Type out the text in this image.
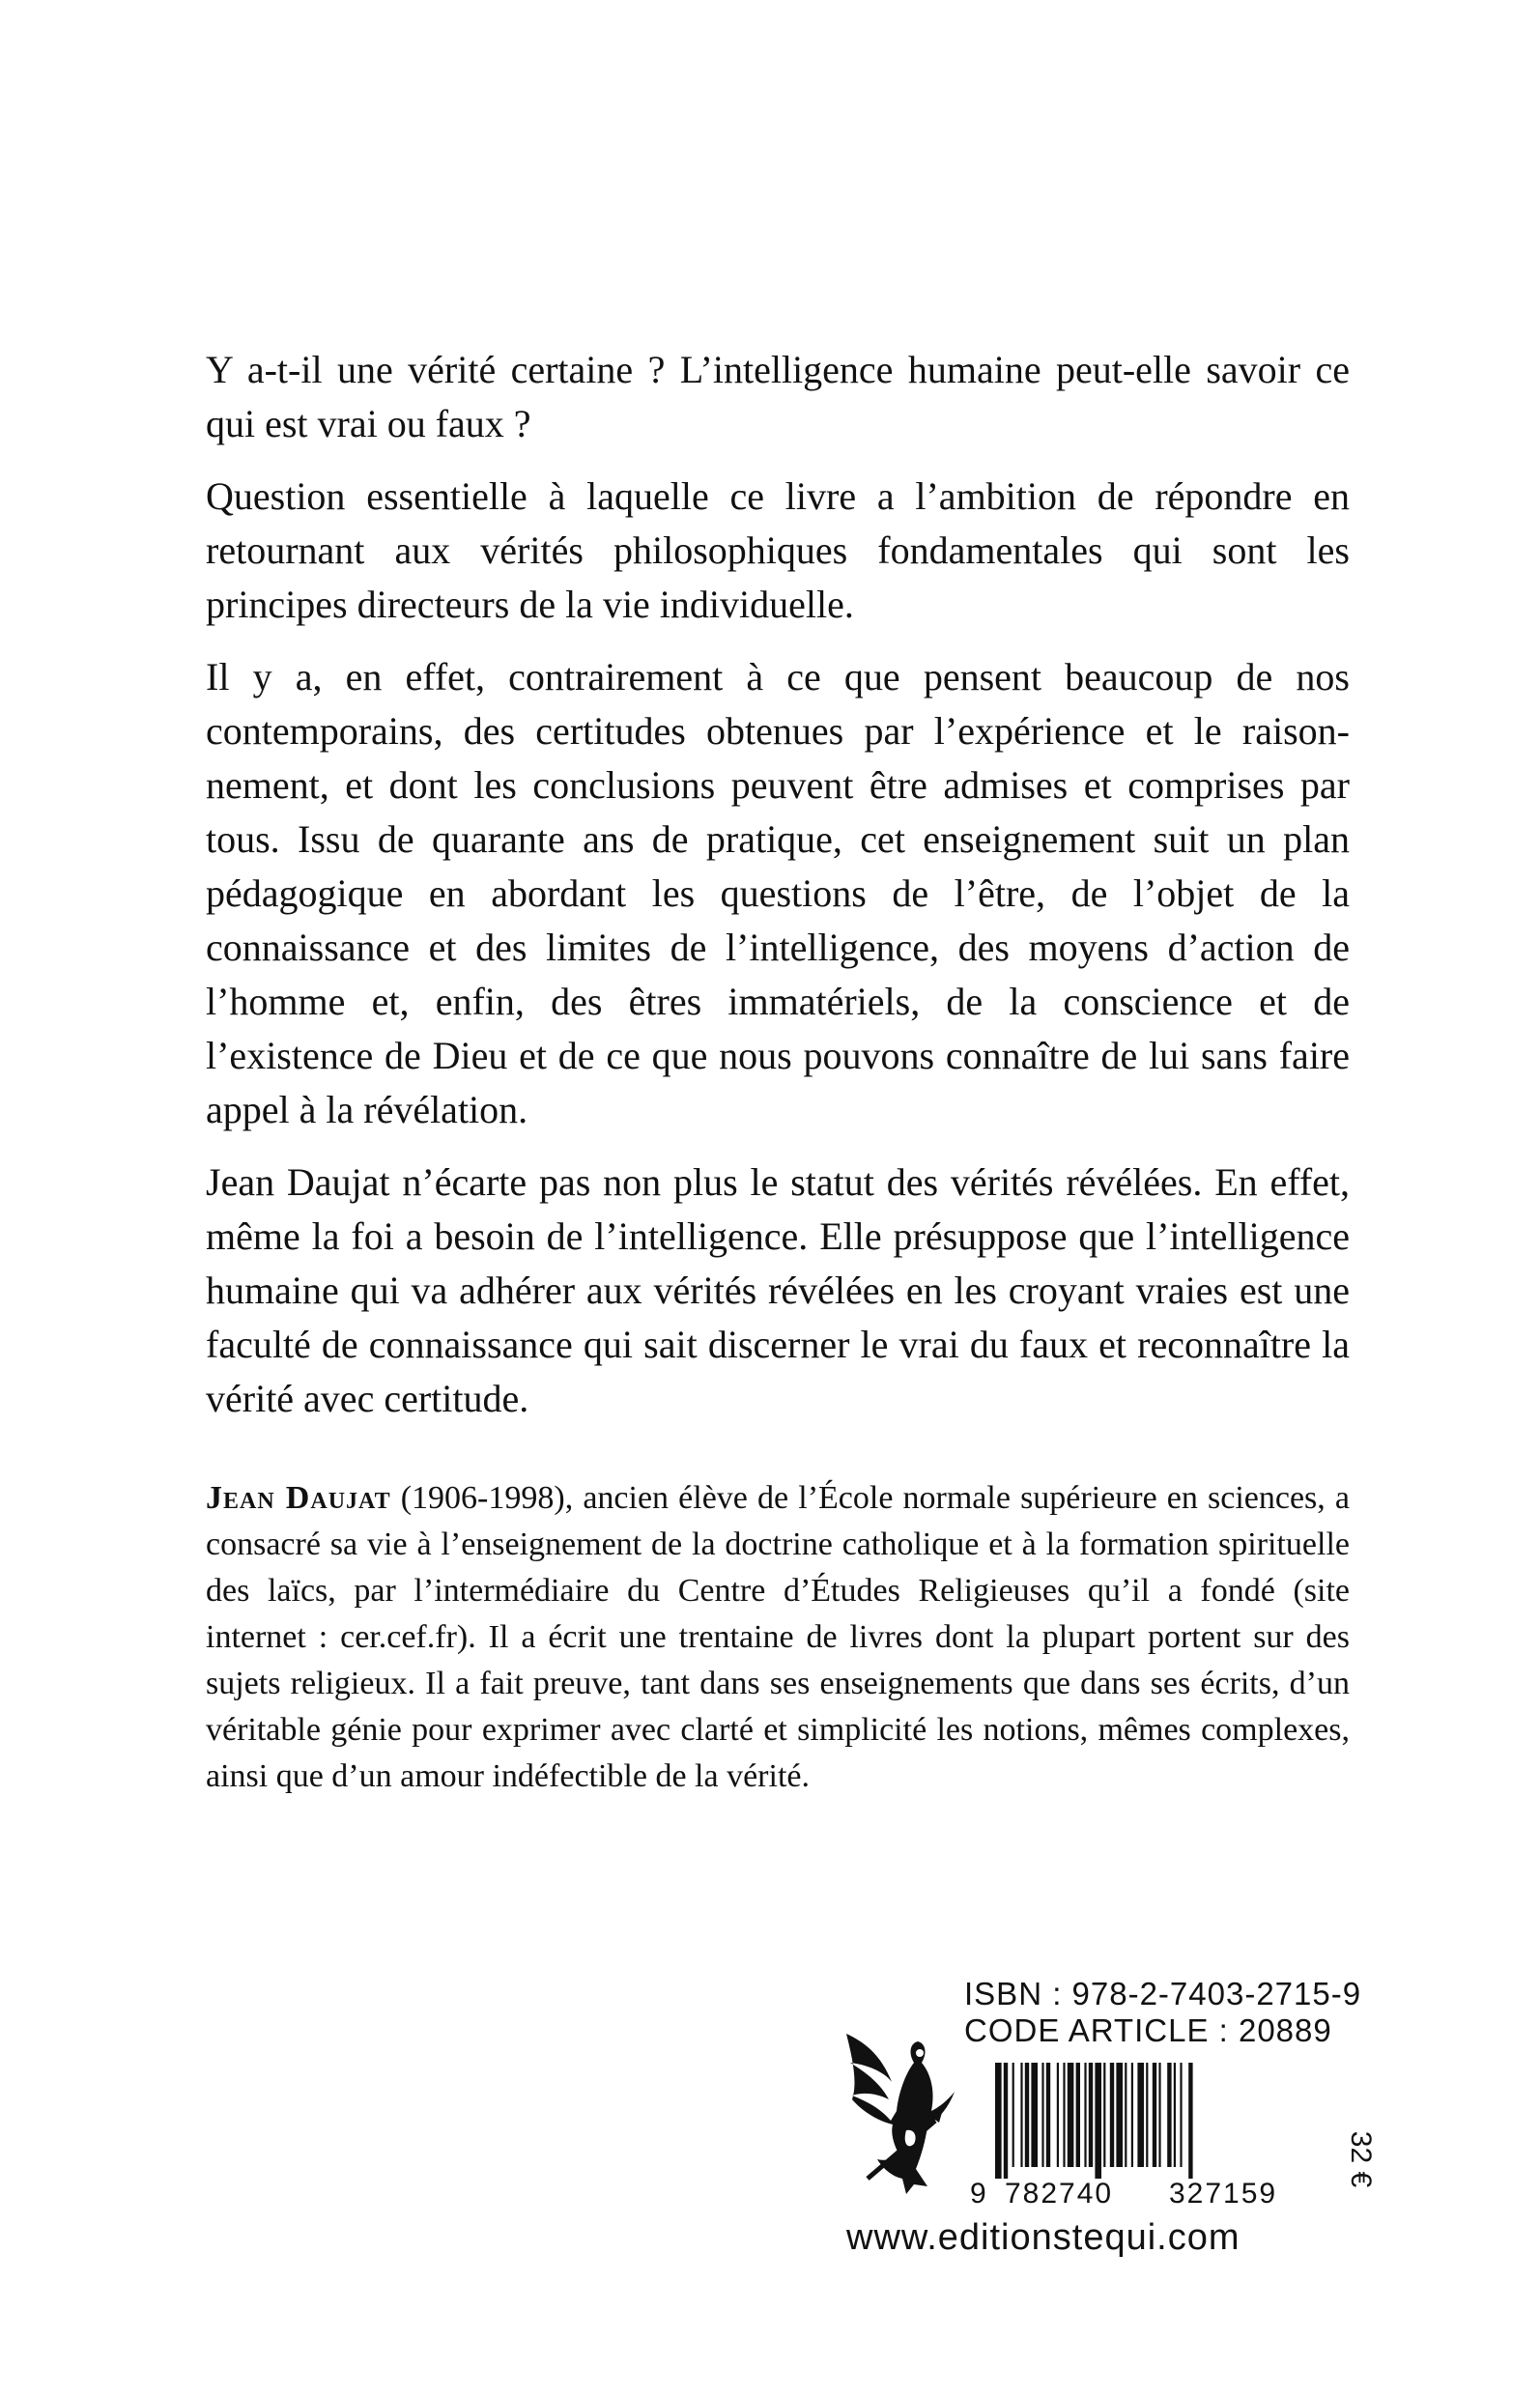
Y a-t-il une vérité certaine ? L’intelligence humaine peut-elle savoir ce qui est vrai ou faux ?

Question essentielle à laquelle ce livre a l’ambition de répondre en retournant aux vérités philosophiques fondamentales qui sont les principes directeurs de la vie individuelle.

Il y a, en effet, contrairement à ce que pensent beaucoup de nos contemporains, des certitudes obtenues par l’expérience et le raisonnement, et dont les conclusions peuvent être admises et comprises par tous. Issu de quarante ans de pratique, cet enseignement suit un plan pédagogique en abordant les questions de l’être, de l’objet de la connaissance et des limites de l’intelligence, des moyens d’action de l’homme et, enfin, des êtres immatériels, de la conscience et de l’existence de Dieu et de ce que nous pouvons connaître de lui sans faire appel à la révélation.

Jean Daujat n’écarte pas non plus le statut des vérités révélées. En effet, même la foi a besoin de l’intelligence. Elle présuppose que l’intelligence humaine qui va adhérer aux vérités révélées en les croyant vraies est une faculté de connaissance qui sait discerner le vrai du faux et reconnaître la vérité avec certitude.

Jean Daujat (1906-1998), ancien élève de l’École normale supérieure en sciences, a consacré sa vie à l’enseignement de la doctrine catholique et à la formation spirituelle des laïcs, par l’intermédiaire du Centre d’Études Religieuses qu’il a fondé (site internet : cer.cef.fr). Il a écrit une trentaine de livres dont la plupart portent sur des sujets religieux. Il a fait preuve, tant dans ses enseignements que dans ses écrits, d’un véritable génie pour exprimer avec clarté et simplicité les notions, mêmes complexes, ainsi que d’un amour indéfectible de la vérité.

ISBN : 978-2-7403-2715-9
CODE ARTICLE : 20889
9 782740 327159
32 €
www.editionstequi.com
